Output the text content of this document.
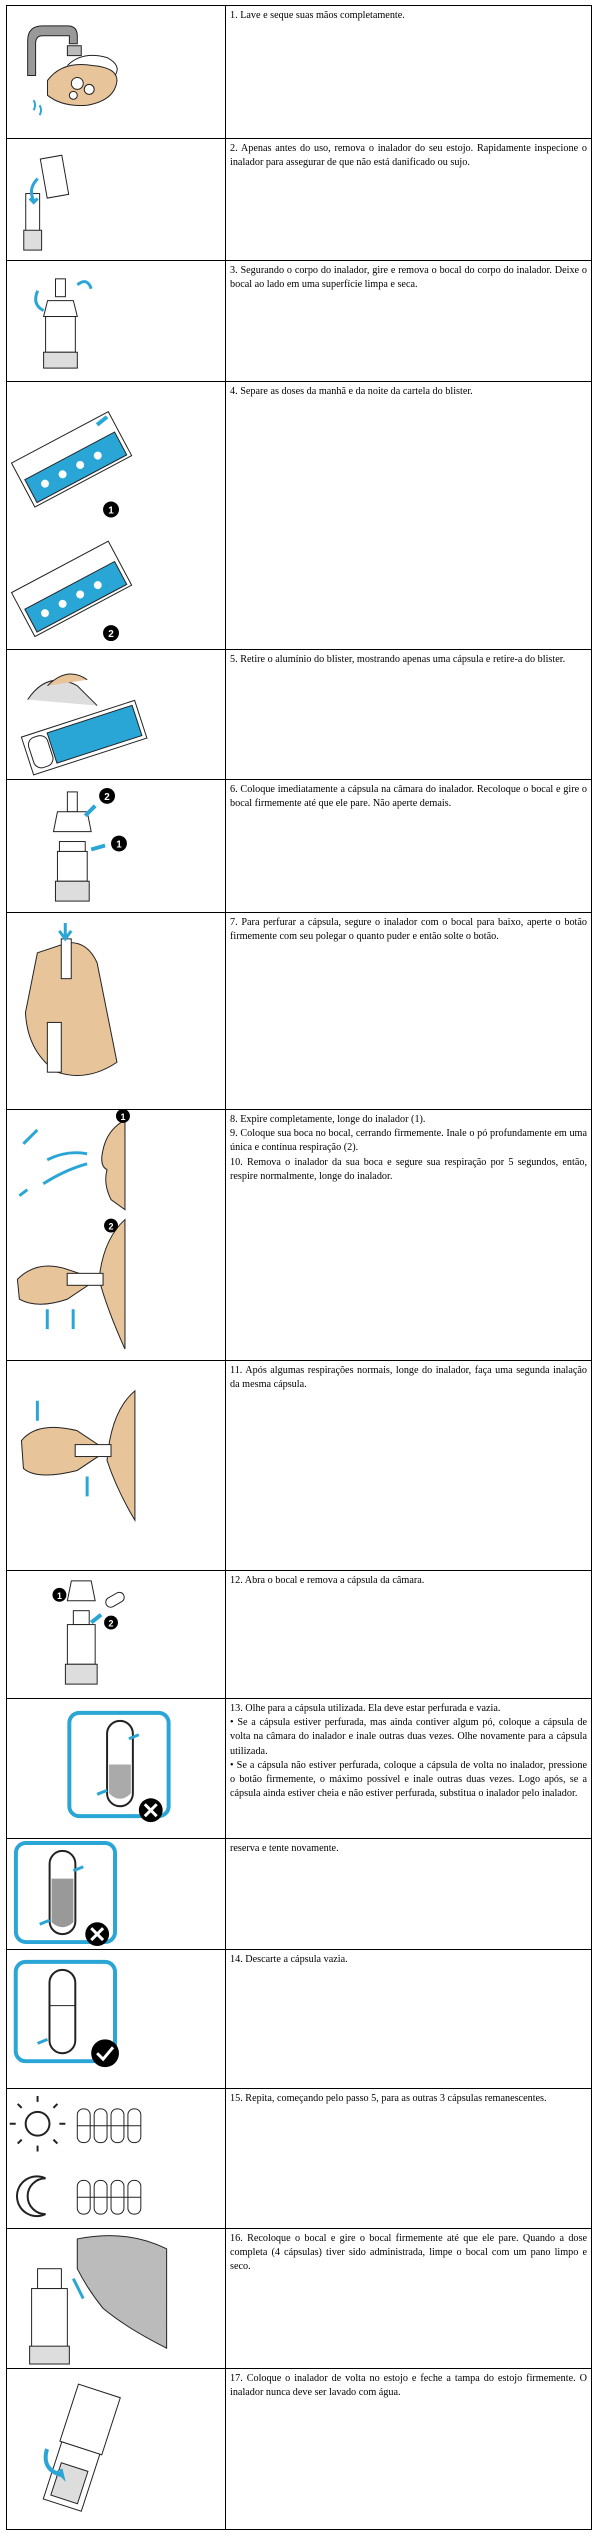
1. Lave e seque suas mãos completamente.

2. Apenas antes do uso, remova o inalador do seu estojo. Rapidamente inspecione o inalador para assegurar de que não está danificado ou sujo.

3. Segurando o corpo do inalador, gire e remova o bocal do corpo do inalador. Deixe o bocal ao lado em uma superfície limpa e seca.

1
2

4. Separe as doses da manhã e da noite da cartela do blister.

5. Retire o alumínio do blister, mostrando apenas uma cápsula e retire-a do blister.

2
1

6. Coloque imediatamente a cápsula na câmara do inalador. Recoloque o bocal e gire o bocal firmemente até que ele pare. Não aperte demais.

7. Para perfurar a cápsula, segure o inalador com o bocal para baixo, aperte o botão firmemente com seu polegar o quanto puder e então solte o botão.

1
2

8. Expire completamente, longe do inalador (1).

9. Coloque sua boca no bocal, cerrando firmemente. Inale o pó profundamente em uma única e contínua respiração (2).

10. Remova o inalador da sua boca e segure sua respiração por 5 segundos, então, respire normalmente, longe do inalador.

11. Após algumas respirações normais, longe do inalador, faça uma segunda inalação da mesma cápsula.

1
2

12. Abra o bocal e remova a cápsula da câmara.

13. Olhe para a cápsula utilizada. Ela deve estar perfurada e vazia.

• Se a cápsula estiver perfurada, mas ainda contiver algum pó, coloque a cápsula de volta na câmara do inalador e inale outras duas vezes. Olhe novamente para a cápsula utilizada.

• Se a cápsula não estiver perfurada, coloque a cápsula de volta no inalador, pressione o botão firmemente, o máximo possível e inale outras duas vezes. Logo após, se a cápsula ainda estiver cheia e não estiver perfurada, substitua o inalador pelo inalador.

reserva e tente novamente.

14. Descarte a cápsula vazia.

15. Repita, começando pelo passo 5, para as outras 3 cápsulas remanescentes.

16. Recoloque o bocal e gire o bocal firmemente até que ele pare. Quando a dose completa (4 cápsulas) tiver sido administrada, limpe o bocal com um pano limpo e seco.

17. Coloque o inalador de volta no estojo e feche a tampa do estojo firmemente. O inalador nunca deve ser lavado com água.
